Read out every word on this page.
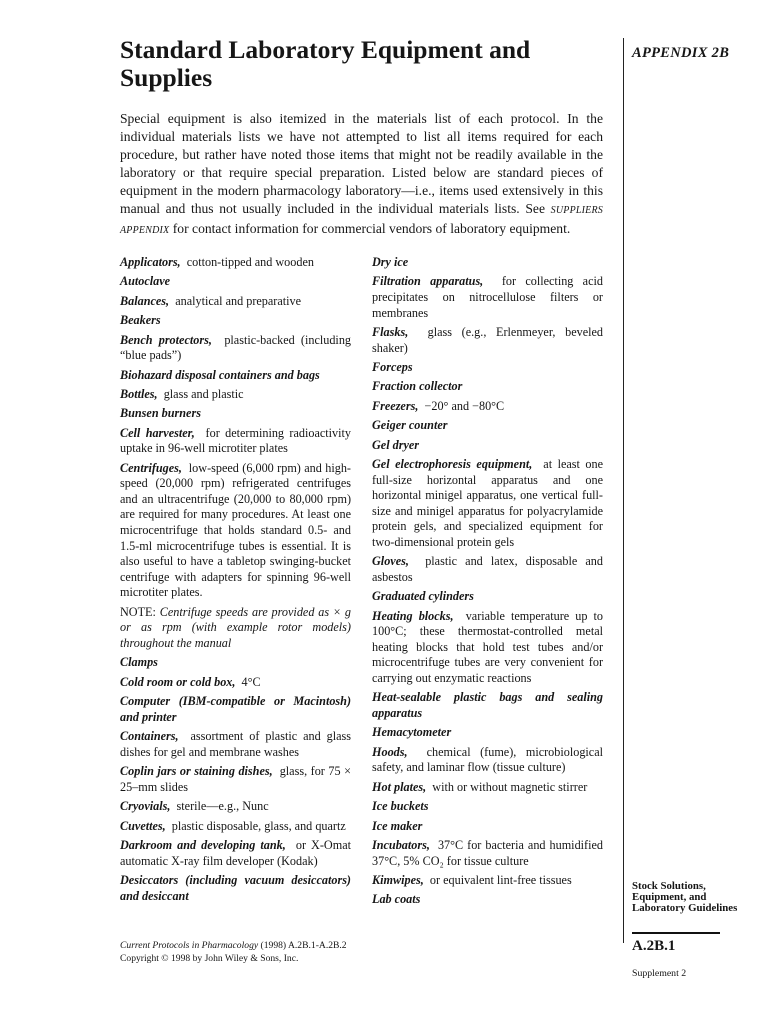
APPENDIX 2B
Standard Laboratory Equipment and Supplies

Special equipment is also itemized in the materials list of each protocol. In the individual materials lists we have not attempted to list all items required for each procedure, but rather have noted those items that might not be readily available in the laboratory or that require special preparation. Listed below are standard pieces of equipment in the modern pharmacology laboratory—i.e., items used extensively in this manual and thus not usually included in the individual materials lists. See SUPPLIERS APPENDIX for contact information for commercial vendors of laboratory equipment.

Applicators, cotton-tipped and wooden

Autoclave

Balances, analytical and preparative

Beakers

Bench protectors, plastic-backed (including “blue pads”)

Biohazard disposal containers and bags

Bottles, glass and plastic

Bunsen burners

Cell harvester, for determining radioactivity uptake in 96-well microtiter plates

Centrifuges, low-speed (6,000 rpm) and high-speed (20,000 rpm) refrigerated centrifuges and an ultracentrifuge (20,000 to 80,000 rpm) are required for many procedures. At least one microcentrifuge that holds standard 0.5- and 1.5-ml microcentrifuge tubes is essential. It is also useful to have a tabletop swinging-bucket centrifuge with adapters for spinning 96-well microtiter plates.

NOTE: Centrifuge speeds are provided as × g or as rpm (with example rotor models) throughout the manual

Clamps

Cold room or cold box, 4°C

Computer (IBM-compatible or Macintosh) and printer

Containers, assortment of plastic and glass dishes for gel and membrane washes

Coplin jars or staining dishes, glass, for 75 × 25–mm slides

Cryovials, sterile—e.g., Nunc

Cuvettes, plastic disposable, glass, and quartz

Darkroom and developing tank, or X-Omat automatic X-ray film developer (Kodak)

Desiccators (including vacuum desiccators) and desiccant

Dry ice

Filtration apparatus, for collecting acid precipitates on nitrocellulose filters or membranes

Flasks, glass (e.g., Erlenmeyer, beveled shaker)

Forceps

Fraction collector

Freezers, −20° and −80°C

Geiger counter

Gel dryer

Gel electrophoresis equipment, at least one full-size horizontal apparatus and one horizontal minigel apparatus, one vertical full-size and minigel apparatus for polyacrylamide protein gels, and specialized equipment for two-dimensional protein gels

Gloves, plastic and latex, disposable and asbestos

Graduated cylinders

Heating blocks, variable temperature up to 100°C; these thermostat-controlled metal heating blocks that hold test tubes and/or microcentrifuge tubes are very convenient for carrying out enzymatic reactions

Heat-sealable plastic bags and sealing apparatus

Hemacytometer

Hoods, chemical (fume), microbiological safety, and laminar flow (tissue culture)

Hot plates, with or without magnetic stirrer

Ice buckets

Ice maker

Incubators, 37°C for bacteria and humidified 37°C, 5% CO₂ for tissue culture

Kimwipes, or equivalent lint-free tissues

Lab coats

Current Protocols in Pharmacology (1998) A.2B.1-A.2B.2
Copyright © 1998 by John Wiley & Sons, Inc.
Stock Solutions, Equipment, and Laboratory Guidelines
A.2B.1
Supplement 2
